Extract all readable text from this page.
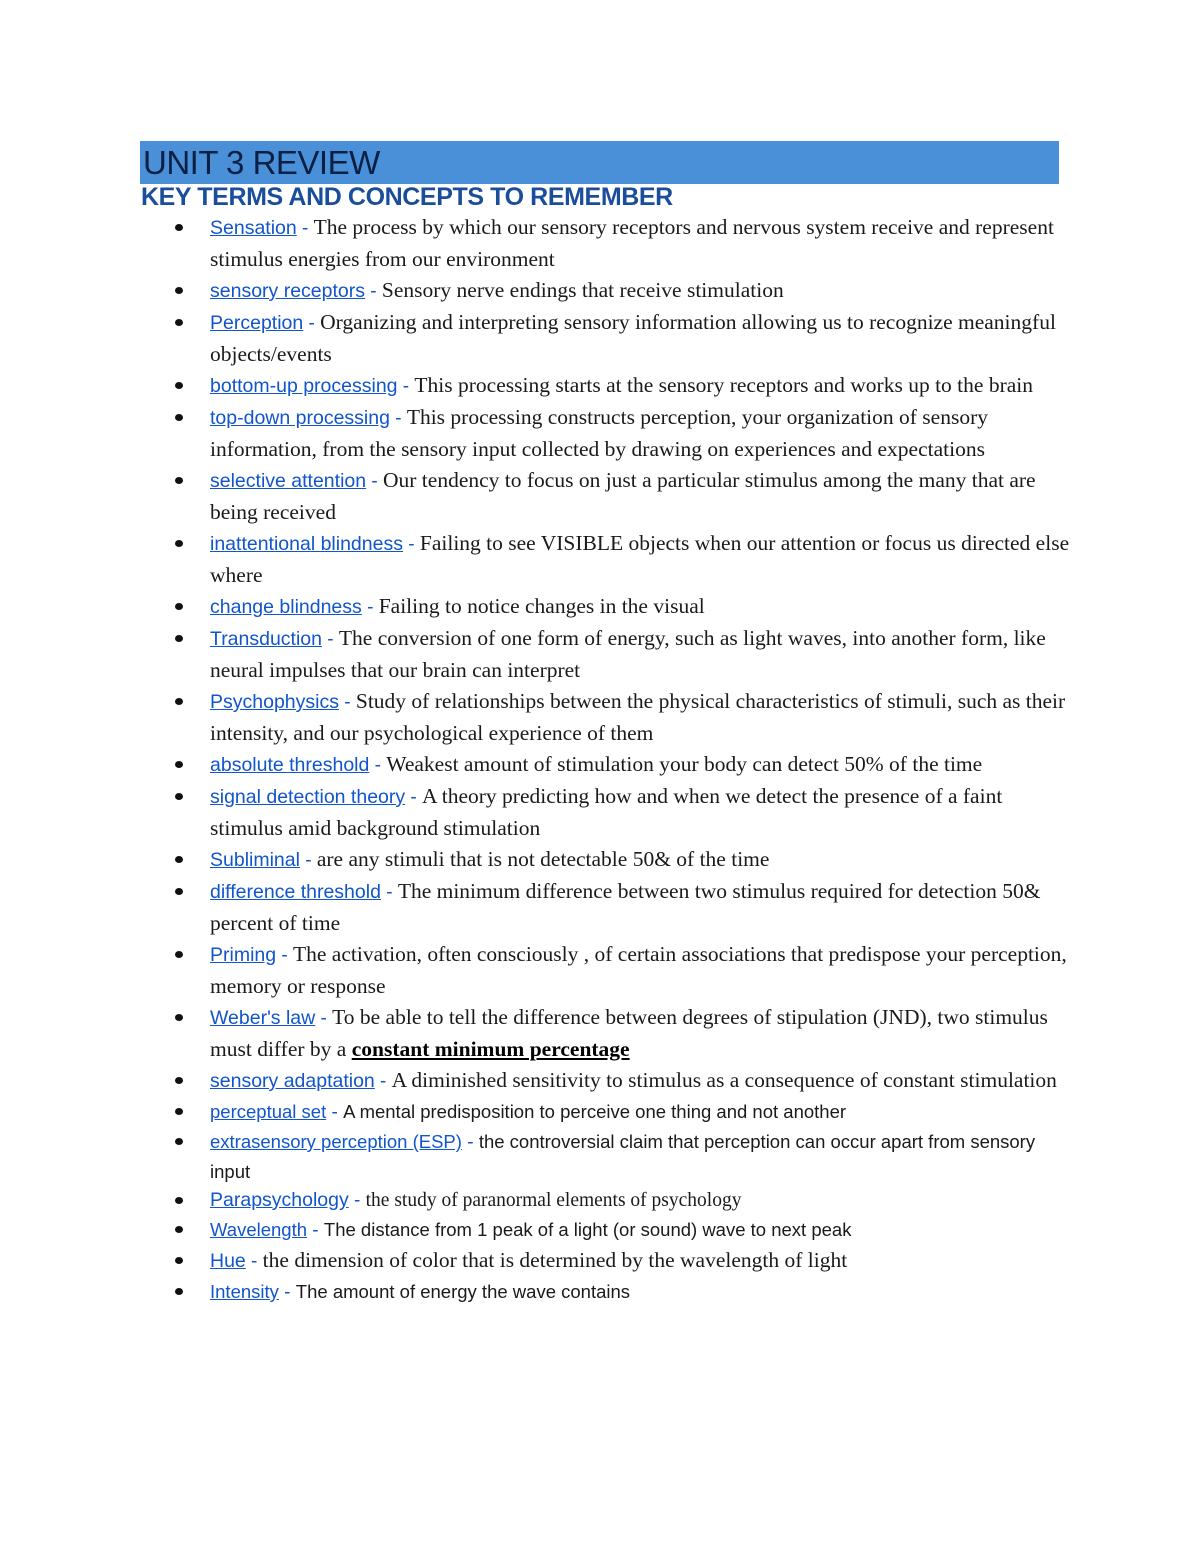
UNIT 3 REVIEW
KEY TERMS AND CONCEPTS TO REMEMBER
Sensation - The process by which our sensory receptors and nervous system receive and represent stimulus energies from our environment
sensory receptors - Sensory nerve endings that receive stimulation
Perception - Organizing and interpreting sensory information allowing us to recognize meaningful objects/events
bottom-up processing - This processing starts at the sensory receptors and works up to the brain
top-down processing - This processing constructs perception, your organization of sensory information, from the sensory input collected by drawing on experiences and expectations
selective attention - Our tendency to focus on just a particular stimulus among the many that are being received
inattentional blindness - Failing to see VISIBLE objects when our attention or focus us directed else where
change blindness - Failing to notice changes in the visual
Transduction - The conversion of one form of energy, such as light waves, into another form, like neural impulses that our brain can interpret
Psychophysics - Study of relationships between the physical characteristics of stimuli, such as their intensity, and our psychological experience of them
absolute threshold - Weakest amount of stimulation your body can detect 50% of the time
signal detection theory - A theory predicting how and when we detect the presence of a faint stimulus amid background stimulation
Subliminal - are any stimuli that is not detectable 50& of the time
difference threshold - The minimum difference between two stimulus required for detection 50& percent of time
Priming - The activation, often consciously , of certain associations that predispose your perception, memory or response
Weber's law - To be able to tell the difference between degrees of stipulation (JND), two stimulus must differ by a constant minimum percentage
sensory adaptation - A diminished sensitivity to stimulus as a consequence of constant stimulation
perceptual set - A mental predisposition to perceive one thing and not another
extrasensory perception (ESP) - the controversial claim that perception can occur apart from sensory input
Parapsychology - the study of paranormal elements of psychology
Wavelength - The distance from 1 peak of a light (or sound) wave to next peak
Hue - the dimension of color that is determined by the wavelength of light
Intensity - The amount of energy the wave contains
